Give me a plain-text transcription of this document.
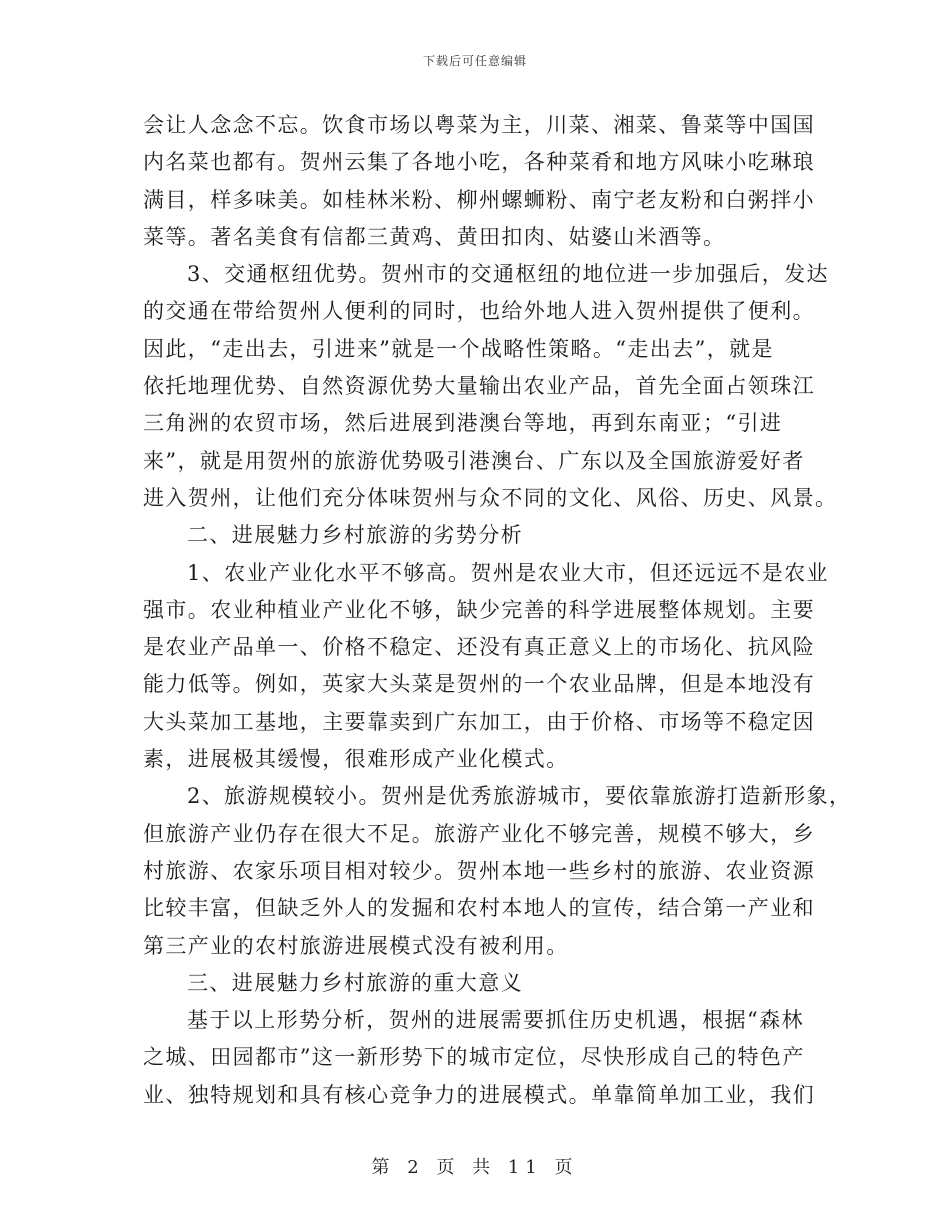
下载后可任意编辑
会让人念念不忘。饮食市场以粤菜为主，川菜、湘菜、鲁菜等中国国
内名菜也都有。贺州云集了各地小吃，各种菜肴和地方风味小吃琳琅
满目，样多味美。如桂林米粉、柳州螺蛳粉、南宁老友粉和白粥拌小
菜等。著名美食有信都三黄鸡、黄田扣肉、姑婆山米酒等。
3、交通枢纽优势。贺州市的交通枢纽的地位进一步加强后，发达
的交通在带给贺州人便利的同时，也给外地人进入贺州提供了便利。
因此，“走出去，引进来”就是一个战略性策略。“走出去”，就是
依托地理优势、自然资源优势大量输出农业产品，首先全面占领珠江
三角洲的农贸市场，然后进展到港澳台等地，再到东南亚；“引进
来”，就是用贺州的旅游优势吸引港澳台、广东以及全国旅游爱好者
进入贺州，让他们充分体味贺州与众不同的文化、风俗、历史、风景。
二、进展魅力乡村旅游的劣势分析
1、农业产业化水平不够高。贺州是农业大市，但还远远不是农业
强市。农业种植业产业化不够，缺少完善的科学进展整体规划。主要
是农业产品单一、价格不稳定、还没有真正意义上的市场化、抗风险
能力低等。例如，英家大头菜是贺州的一个农业品牌，但是本地没有
大头菜加工基地，主要靠卖到广东加工，由于价格、市场等不稳定因
素，进展极其缓慢，很难形成产业化模式。
2、旅游规模较小。贺州是优秀旅游城市，要依靠旅游打造新形象，
但旅游产业仍存在很大不足。旅游产业化不够完善，规模不够大，乡
村旅游、农家乐项目相对较少。贺州本地一些乡村的旅游、农业资源
比较丰富，但缺乏外人的发掘和农村本地人的宣传，结合第一产业和
第三产业的农村旅游进展模式没有被利用。
三、进展魅力乡村旅游的重大意义
基于以上形势分析，贺州的进展需要抓住历史机遇，根据“森林
之城、田园都市”这一新形势下的城市定位，尽快形成自己的特色产
业、独特规划和具有核心竞争力的进展模式。单靠简单加工业，我们
第 2 页 共 11 页
